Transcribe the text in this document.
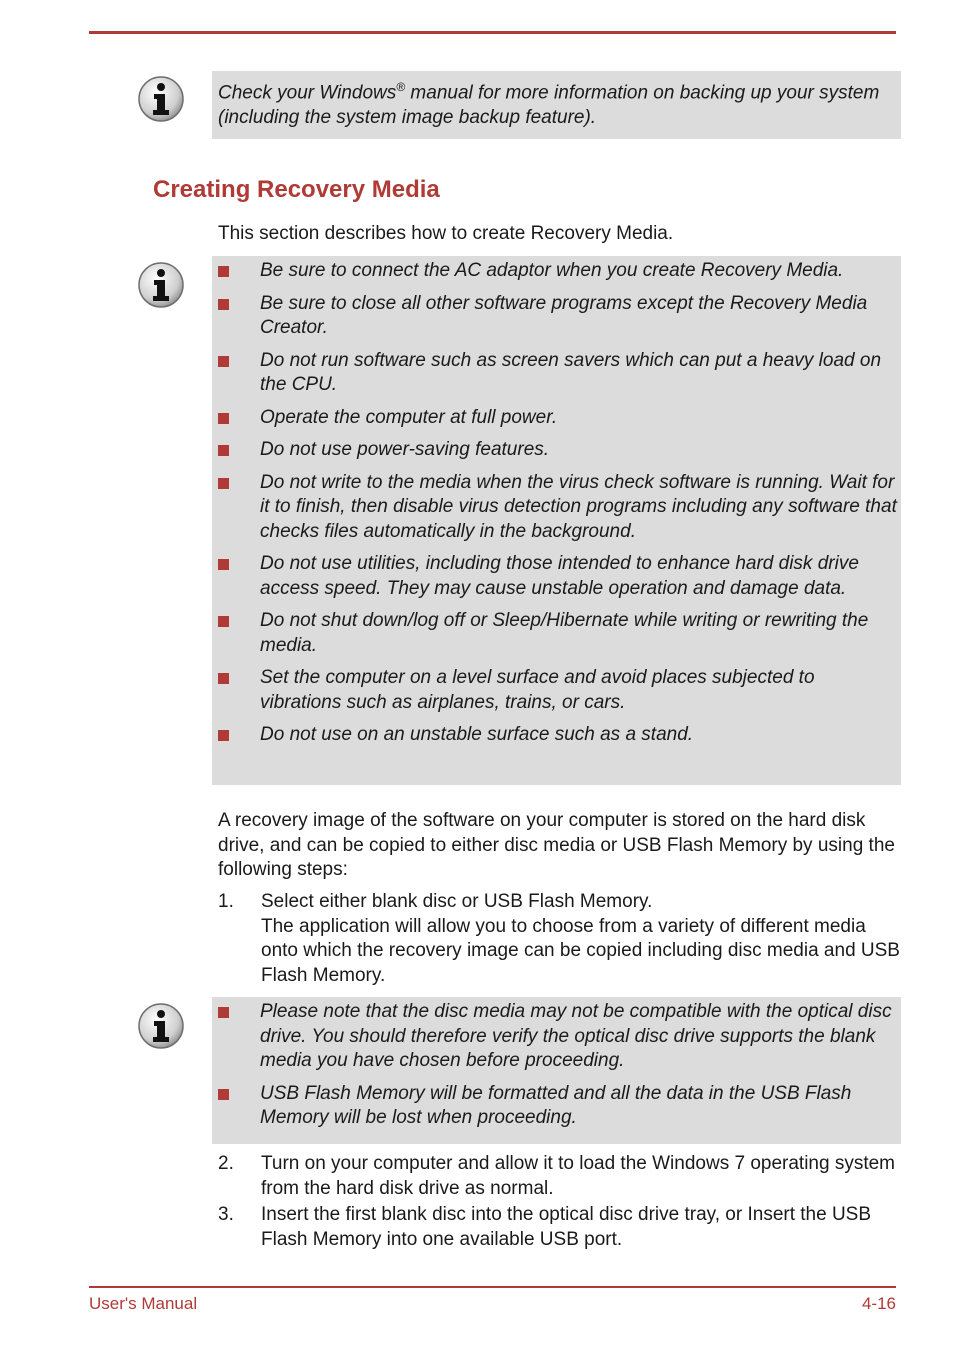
Check your Windows® manual for more information on backing up your system (including the system image backup feature).
Creating Recovery Media

This section describes how to create Recovery Media.

Be sure to connect the AC adaptor when you create Recovery Media.
Be sure to close all other software programs except the Recovery Media Creator.
Do not run software such as screen savers which can put a heavy load on the CPU.
Operate the computer at full power.
Do not use power-saving features.
Do not write to the media when the virus check software is running. Wait for it to finish, then disable virus detection programs including any software that checks files automatically in the background.
Do not use utilities, including those intended to enhance hard disk drive access speed. They may cause unstable operation and damage data.
Do not shut down/log off or Sleep/Hibernate while writing or rewriting the media.
Set the computer on a level surface and avoid places subjected to vibrations such as airplanes, trains, or cars.
Do not use on an unstable surface such as a stand.

A recovery image of the software on your computer is stored on the hard disk drive, and can be copied to either disc media or USB Flash Memory by using the following steps:

1. Select either blank disc or USB Flash Memory.
The application will allow you to choose from a variety of different media onto which the recovery image can be copied including disc media and USB Flash Memory.
Please note that the disc media may not be compatible with the optical disc drive. You should therefore verify the optical disc drive supports the blank media you have chosen before proceeding.
USB Flash Memory will be formatted and all the data in the USB Flash Memory will be lost when proceeding.
2. Turn on your computer and allow it to load the Windows 7 operating system from the hard disk drive as normal.
3. Insert the first blank disc into the optical disc drive tray, or Insert the USB Flash Memory into one available USB port.
User's Manual	4-16
